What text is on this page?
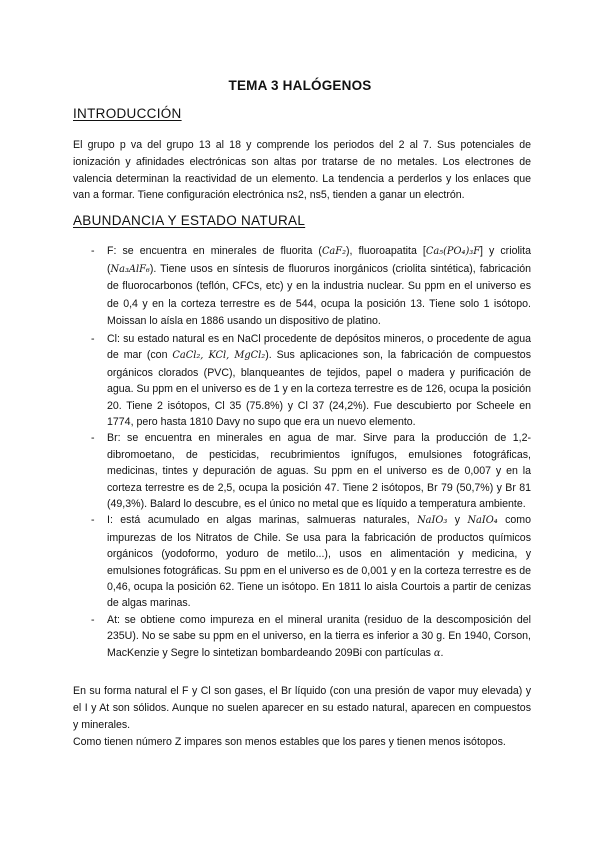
TEMA 3 HALÓGENOS
INTRODUCCIÓN
El grupo p va del grupo 13 al 18 y comprende los periodos del 2 al 7. Sus potenciales de ionización y afinidades electrónicas son altas por tratarse de no metales. Los electrones de valencia determinan la reactividad de un elemento. La tendencia a perderlos y los enlaces que van a formar. Tiene configuración electrónica ns2, ns5, tienden a ganar un electrón.
ABUNDANCIA Y ESTADO NATURAL
- F: se encuentra en minerales de fluorita (CaF₂), fluoroapatita [Ca₅(PO₄)₃F] y criolita (Na₃AlF₆). Tiene usos en síntesis de fluoruros inorgánicos (criolita sintética), fabricación de fluorocarbonos (teflón, CFCs, etc) y en la industria nuclear. Su ppm en el universo es de 0,4 y en la corteza terrestre es de 544, ocupa la posición 13. Tiene solo 1 isótopo. Moissan lo aísla en 1886 usando un dispositivo de platino.
- Cl: su estado natural es en NaCl procedente de depósitos mineros, o procedente de agua de mar (con CaCl₂, KCl, MgCl₂). Sus aplicaciones son, la fabricación de compuestos orgánicos clorados (PVC), blanqueantes de tejidos, papel o madera y purificación de agua. Su ppm en el universo es de 1 y en la corteza terrestre es de 126, ocupa la posición 20. Tiene 2 isótopos, Cl 35 (75.8%) y Cl 37 (24,2%). Fue descubierto por Scheele en 1774, pero hasta 1810 Davy no supo que era un nuevo elemento.
- Br: se encuentra en minerales en agua de mar. Sirve para la producción de 1,2-dibromoetano, de pesticidas, recubrimientos ignífugos, emulsiones fotográficas, medicinas, tintes y depuración de aguas. Su ppm en el universo es de 0,007 y en la corteza terrestre es de 2,5, ocupa la posición 47. Tiene 2 isótopos, Br 79 (50,7%) y Br 81 (49,3%). Balard lo descubre, es el único no metal que es líquido a temperatura ambiente.
- I: está acumulado en algas marinas, salmueras naturales, NaIO₃ y NaIO₄ como impurezas de los Nitratos de Chile. Se usa para la fabricación de productos químicos orgánicos (yodoformo, yoduro de metilo...), usos en alimentación y medicina, y emulsiones fotográficas. Su ppm en el universo es de 0,001 y en la corteza terrestre es de 0,46, ocupa la posición 62. Tiene un isótopo. En 1811 lo aisla Courtois a partir de cenizas de algas marinas.
- At: se obtiene como impureza en el mineral uranita (residuo de la descomposición del 235U). No se sabe su ppm en el universo, en la tierra es inferior a 30 g. En 1940, Corson, MacKenzie y Segre lo sintetizan bombardeando 209Bi con partículas α.
En su forma natural el F y Cl son gases, el Br líquido (con una presión de vapor muy elevada) y el I y At son sólidos. Aunque no suelen aparecer en su estado natural, aparecen en compuestos y minerales.
Como tienen número Z impares son menos estables que los pares y tienen menos isótopos.
